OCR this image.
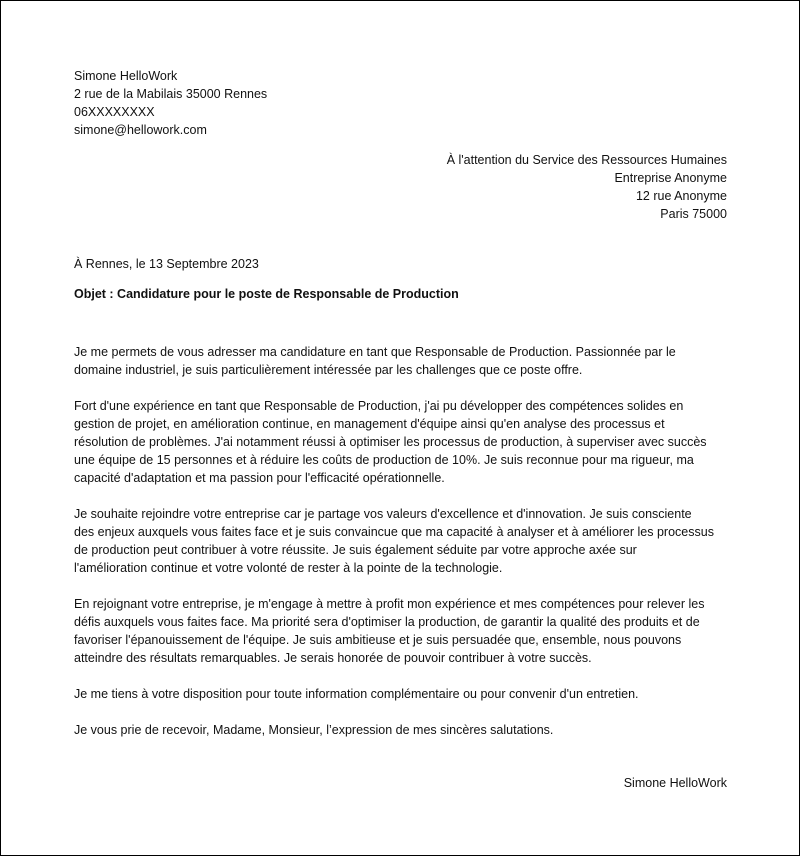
Simone HelloWork
2 rue de la Mabilais 35000 Rennes
06XXXXXXXX
simone@hellowork.com
À l'attention du Service des Ressources Humaines
Entreprise Anonyme
12 rue Anonyme
Paris 75000
À Rennes, le 13 Septembre 2023
Objet : Candidature pour le poste de Responsable de Production
Je me permets de vous adresser ma candidature en tant que Responsable de Production. Passionnée par le
domaine industriel, je suis particulièrement intéressée par les challenges que ce poste offre.
Fort d'une expérience en tant que Responsable de Production, j'ai pu développer des compétences solides en
gestion de projet, en amélioration continue, en management d'équipe ainsi qu'en analyse des processus et
résolution de problèmes. J'ai notamment réussi à optimiser les processus de production, à superviser avec succès
une équipe de 15 personnes et à réduire les coûts de production de 10%. Je suis reconnue pour ma rigueur, ma
capacité d'adaptation et ma passion pour l'efficacité opérationnelle.
Je souhaite rejoindre votre entreprise car je partage vos valeurs d'excellence et d'innovation. Je suis consciente
des enjeux auxquels vous faites face et je suis convaincue que ma capacité à analyser et à améliorer les processus
de production peut contribuer à votre réussite. Je suis également séduite par votre approche axée sur
l'amélioration continue et votre volonté de rester à la pointe de la technologie.
En rejoignant votre entreprise, je m'engage à mettre à profit mon expérience et mes compétences pour relever les
défis auxquels vous faites face. Ma priorité sera d'optimiser la production, de garantir la qualité des produits et de
favoriser l'épanouissement de l'équipe. Je suis ambitieuse et je suis persuadée que, ensemble, nous pouvons
atteindre des résultats remarquables. Je serais honorée de pouvoir contribuer à votre succès.
Je me tiens à votre disposition pour toute information complémentaire ou pour convenir d'un entretien.
Je vous prie de recevoir, Madame, Monsieur, l’expression de mes sincères salutations.
Simone HelloWork
